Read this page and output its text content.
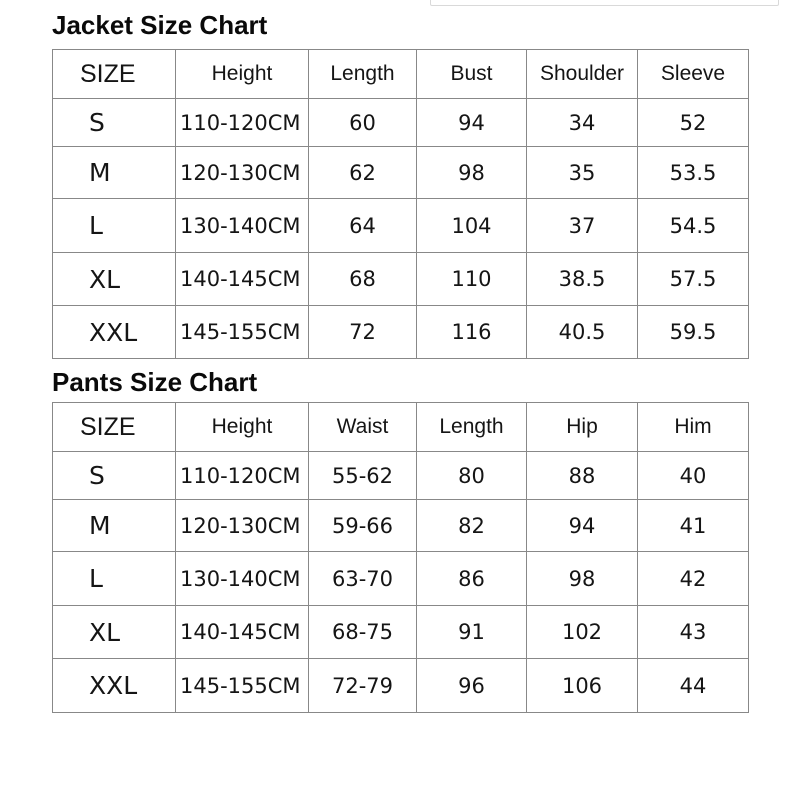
Jacket Size Chart
SIZE	Height	Length	Bust	Shoulder	Sleeve
S	110-120CM	60	94	34	52
M	120-130CM	62	98	35	53.5
L	130-140CM	64	104	37	54.5
XL	140-145CM	68	110	38.5	57.5
XXL	145-155CM	72	116	40.5	59.5
Pants Size Chart
SIZE	Height	Waist	Length	Hip	Him
S	110-120CM	55-62	80	88	40
M	120-130CM	59-66	82	94	41
L	130-140CM	63-70	86	98	42
XL	140-145CM	68-75	91	102	43
XXL	145-155CM	72-79	96	106	44
